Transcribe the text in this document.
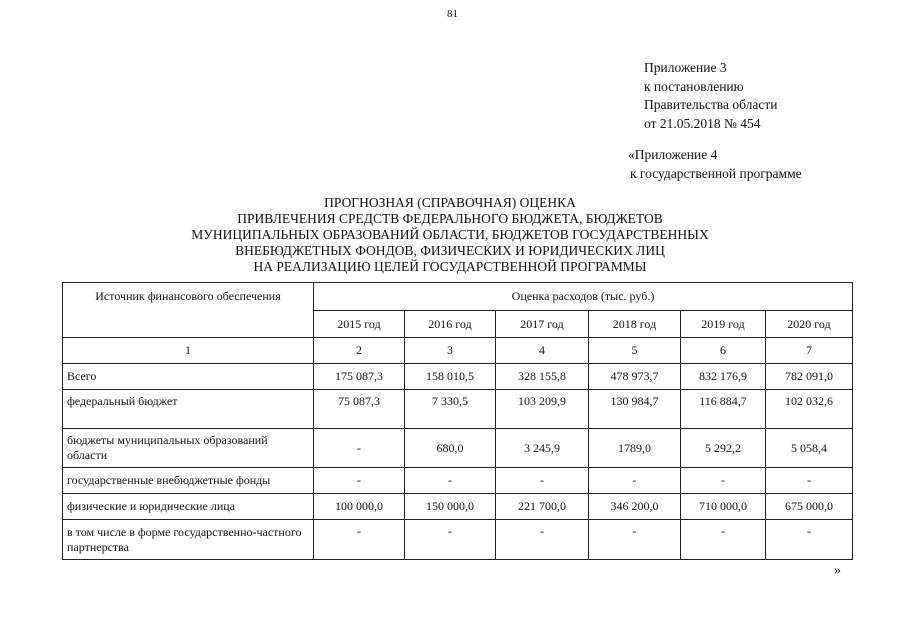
81
Приложение 3
к постановлению
Правительства области
от 21.05.2018 № 454
«Приложение 4
к государственной программе
ПРОГНОЗНАЯ (СПРАВОЧНАЯ) ОЦЕНКА
ПРИВЛЕЧЕНИЯ СРЕДСТВ ФЕДЕРАЛЬНОГО БЮДЖЕТА, БЮДЖЕТОВ
МУНИЦИПАЛЬНЫХ ОБРАЗОВАНИЙ ОБЛАСТИ, БЮДЖЕТОВ ГОСУДАРСТВЕННЫХ
ВНЕБЮДЖЕТНЫХ ФОНДОВ, ФИЗИЧЕСКИХ И ЮРИДИЧЕСКИХ ЛИЦ
НА РЕАЛИЗАЦИЮ ЦЕЛЕЙ ГОСУДАРСТВЕННОЙ ПРОГРАММЫ
Источник финансового обеспечения	Оценка расходов (тыс. руб.)					
	2015 год	2016 год	2017 год	2018 год	2019 год	2020 год
1	2	3	4	5	6	7
Всего	175 087,3	158 010,5	328 155,8	478 973,7	832 176,9	782 091,0
федеральный бюджет	75 087,3	7 330,5	103 209,9	130 984,7	116 884,7	102 032,6
бюджеты муниципальных образований области	-	680,0	3 245,9	1789,0	5 292,2	5 058,4
государственные внебюджетные фонды	-	-	-	-	-	-
физические и юридические лица	100 000,0	150 000,0	221 700,0	346 200,0	710 000,0	675 000,0
в том числе в форме государственно-частного партнерства	-	-	-	-	-	-
»
